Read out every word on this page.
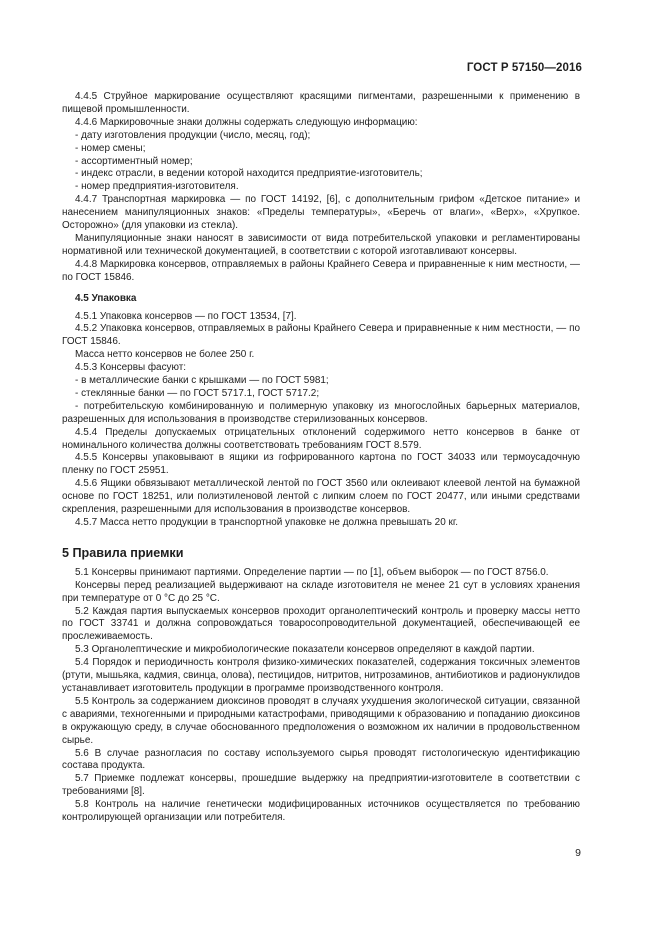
ГОСТ Р 57150—2016

4.4.5 Струйное маркирование осуществляют красящими пигментами, разрешенными к применению в пищевой промышленности.

4.4.6 Маркировочные знаки должны содержать следующую информацию:

- дату изготовления продукции (число, месяц, год);

- номер смены;

- ассортиментный номер;

- индекс отрасли, в ведении которой находится предприятие-изготовитель;

- номер предприятия-изготовителя.

4.4.7 Транспортная маркировка — по ГОСТ 14192, [6], с дополнительным грифом «Детское питание» и нанесением манипуляционных знаков: «Пределы температуры», «Беречь от влаги», «Верх», «Хрупкое. Осторожно» (для упаковки из стекла).

Манипуляционные знаки наносят в зависимости от вида потребительской упаковки и регламентированы нормативной или технической документацией, в соответствии с которой изготавливают консервы.

4.4.8 Маркировка консервов, отправляемых в районы Крайнего Севера и приравненные к ним местности, — по ГОСТ 15846.

4.5 Упаковка

4.5.1 Упаковка консервов — по ГОСТ 13534, [7].

4.5.2 Упаковка консервов, отправляемых в районы Крайнего Севера и приравненные к ним местности, — по ГОСТ 15846.

Масса нетто консервов не более 250 г.

4.5.3 Консервы фасуют:

- в металлические банки с крышками — по ГОСТ 5981;

- стеклянные банки — по ГОСТ 5717.1, ГОСТ 5717.2;

- потребительскую комбинированную и полимерную упаковку из многослойных барьерных материалов, разрешенных для использования в производстве стерилизованных консервов.

4.5.4 Пределы допускаемых отрицательных отклонений содержимого нетто консервов в банке от номинального количества должны соответствовать требованиям ГОСТ 8.579.

4.5.5 Консервы упаковывают в ящики из гофрированного картона по ГОСТ 34033 или термоусадочную пленку по ГОСТ 25951.

4.5.6 Ящики обвязывают металлической лентой по ГОСТ 3560 или оклеивают клеевой лентой на бумажной основе по ГОСТ 18251, или полиэтиленовой лентой с липким слоем по ГОСТ 20477, или иными средствами скрепления, разрешенными для использования в производстве консервов.

4.5.7 Масса нетто продукции в транспортной упаковке не должна превышать 20 кг.

5 Правила приемки

5.1 Консервы принимают партиями. Определение партии — по [1], объем выборок — по ГОСТ 8756.0.

Консервы перед реализацией выдерживают на складе изготовителя не менее 21 сут в условиях хранения при температуре от 0 °С до 25 °С.

5.2 Каждая партия выпускаемых консервов проходит органолептический контроль и проверку массы нетто по ГОСТ 33741 и должна сопровождаться товаросопроводительной документацией, обеспечивающей ее прослеживаемость.

5.3 Органолептические и микробиологические показатели консервов определяют в каждой партии.

5.4 Порядок и периодичность контроля физико-химических показателей, содержания токсичных элементов (ртути, мышьяка, кадмия, свинца, олова), пестицидов, нитритов, нитрозаминов, антибиотиков и радионуклидов устанавливает изготовитель продукции в программе производственного контроля.

5.5 Контроль за содержанием диоксинов проводят в случаях ухудшения экологической ситуации, связанной с авариями, техногенными и природными катастрофами, приводящими к образованию и попаданию диоксинов в окружающую среду, в случае обоснованного предположения о возможном их наличии в продовольственном сырье.

5.6 В случае разногласия по составу используемого сырья проводят гистологическую идентификацию состава продукта.

5.7 Приемке подлежат консервы, прошедшие выдержку на предприятии-изготовителе в соответствии с требованиями [8].

5.8 Контроль на наличие генетически модифицированных источников осуществляется по требованию контролирующей организации или потребителя.

9
